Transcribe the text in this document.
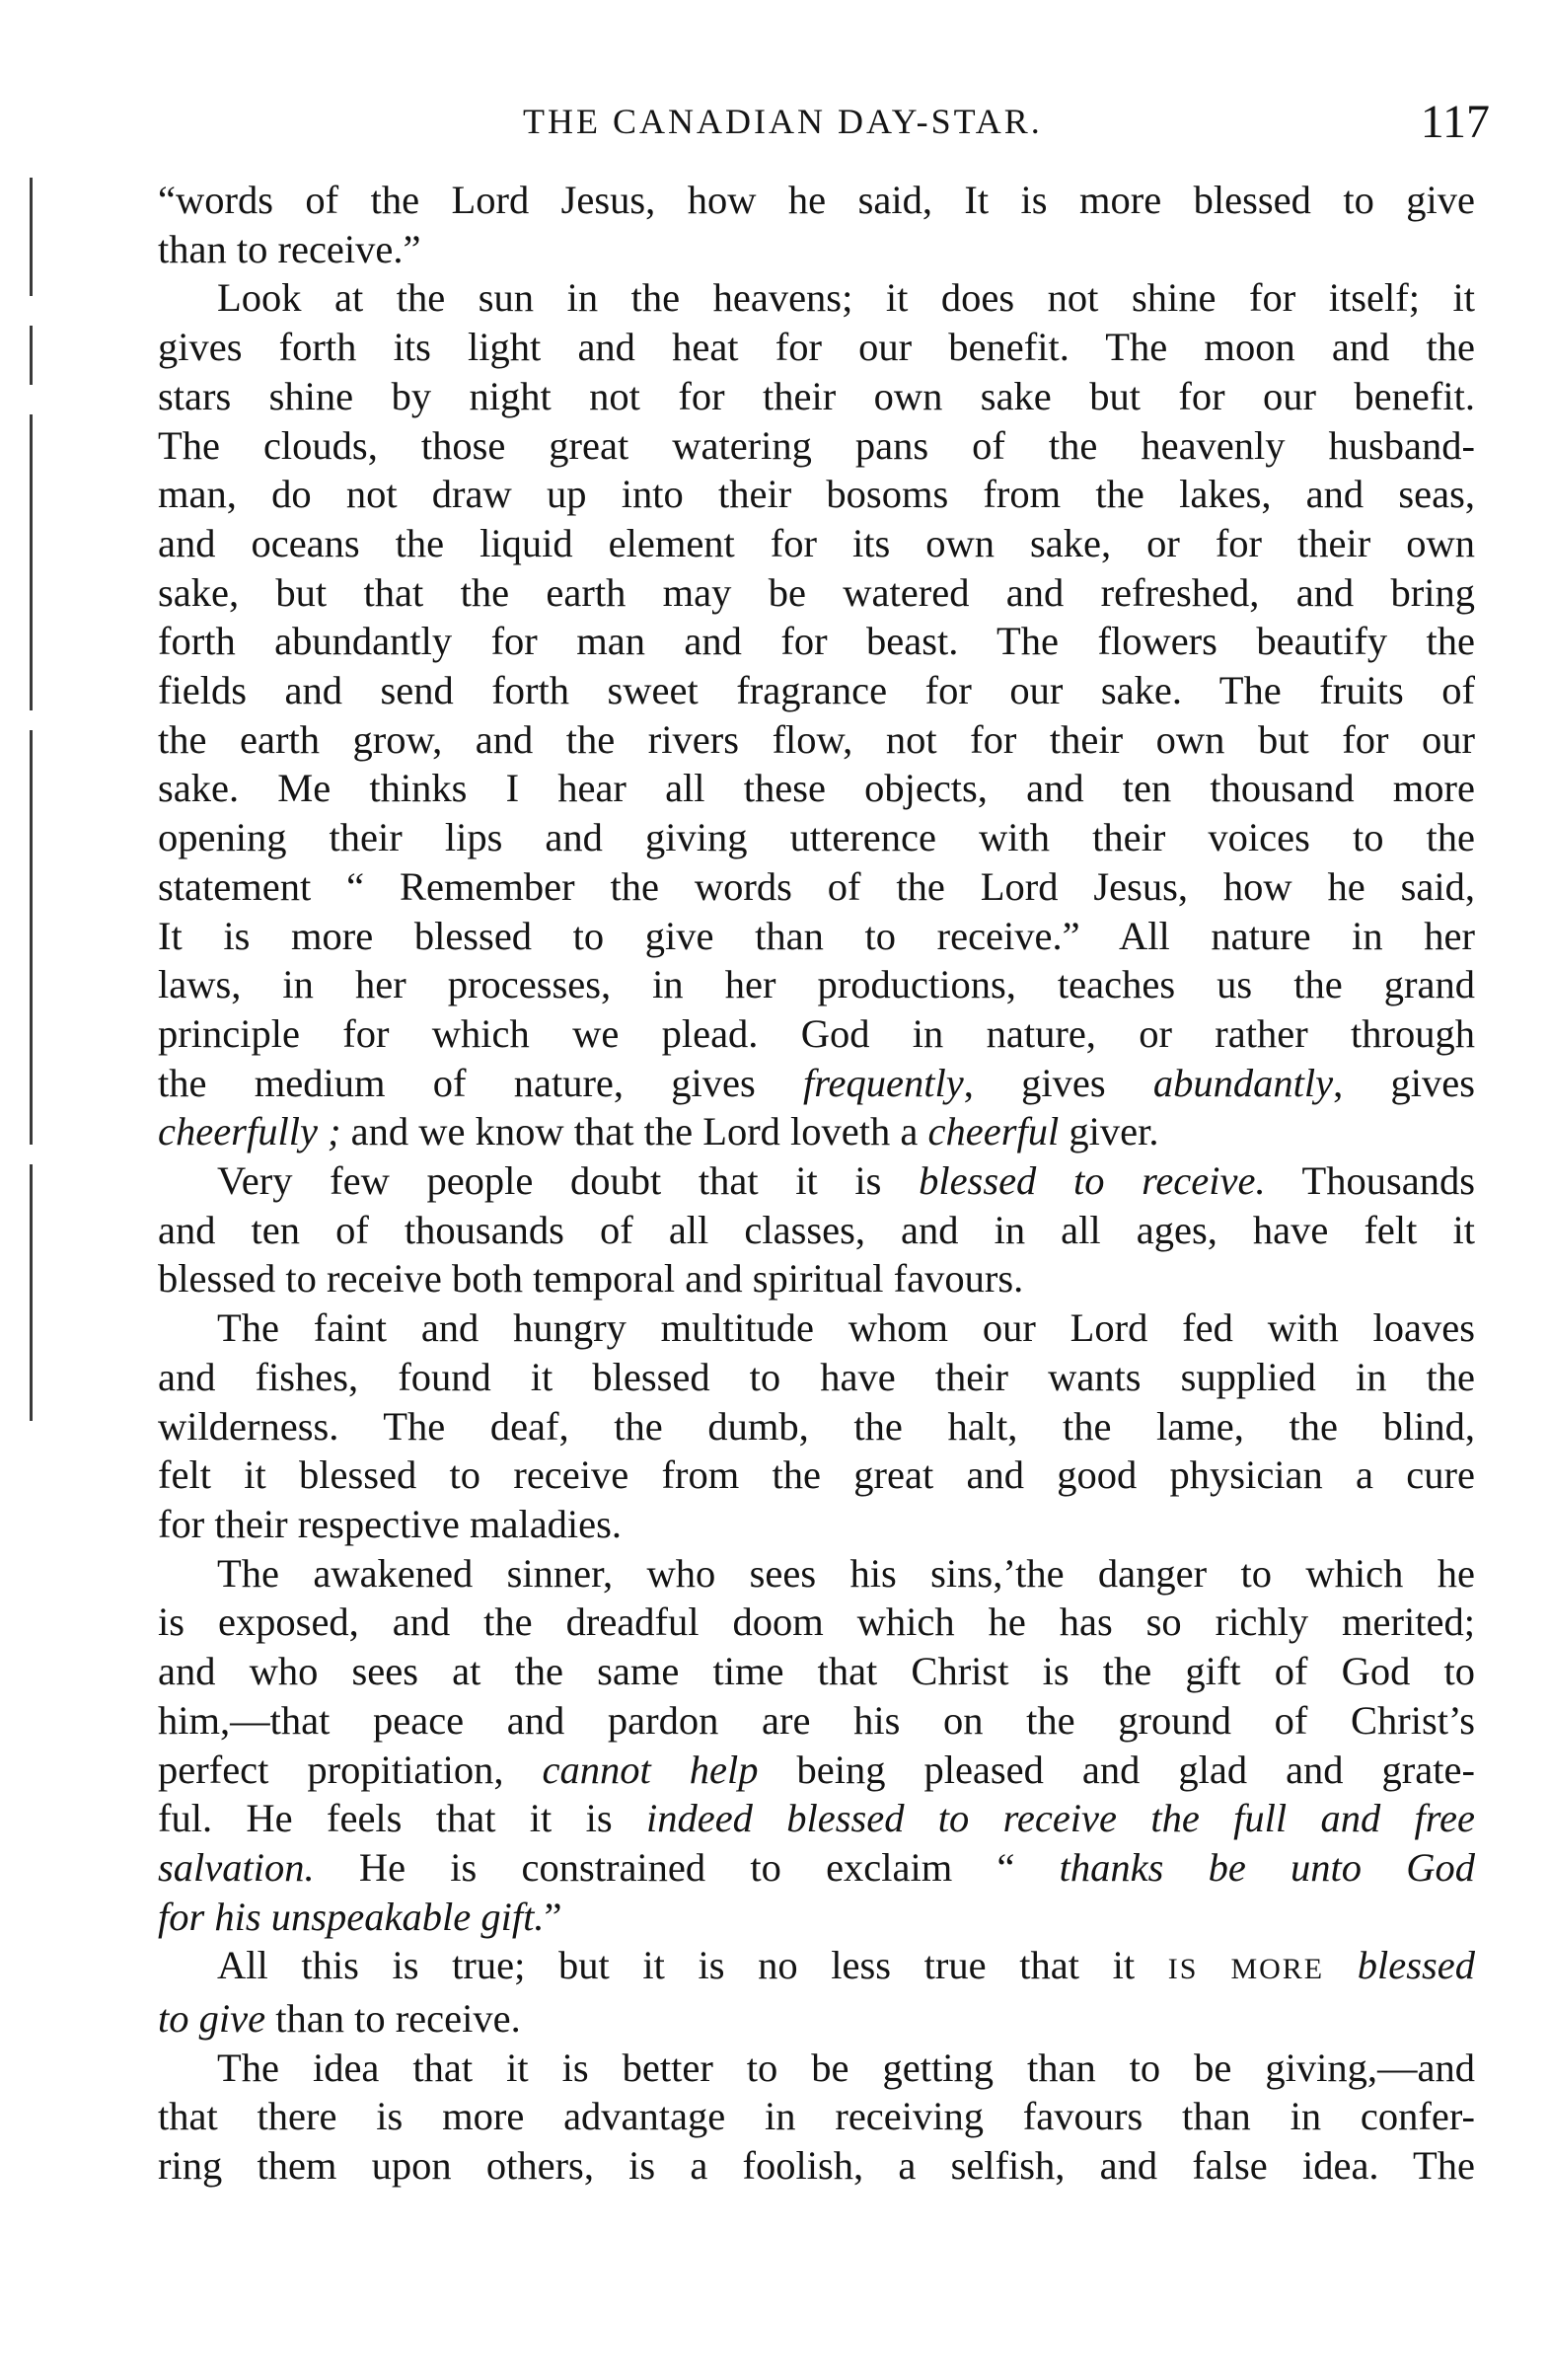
THE CANADIAN DAY-STAR.	117
“words of the Lord Jesus, how he said, It is more blessed to give
than to receive.”
Look at the sun in the heavens; it does not shine for itself; it
gives forth its light and heat for our benefit. The moon and the
stars shine by night not for their own sake but for our benefit.
The clouds, those great watering pans of the heavenly husband-
man, do not draw up into their bosoms from the lakes, and seas,
and oceans the liquid element for its own sake, or for their own
sake, but that the earth may be watered and refreshed, and bring
forth abundantly for man and for beast. The flowers beautify the
fields and send forth sweet fragrance for our sake. The fruits of
the earth grow, and the rivers flow, not for their own but for our
sake. Me thinks I hear all these objects, and ten thousand more
opening their lips and giving utterence with their voices to the
statement “ Remember the words of the Lord Jesus, how he said,
It is more blessed to give than to receive.” All nature in her
laws, in her processes, in her productions, teaches us the grand
principle for which we plead. God in nature, or rather through
the medium of nature, gives frequently, gives abundantly, gives
cheerfully ; and we know that the Lord loveth a cheerful giver.
Very few people doubt that it is blessed to receive. Thousands
and ten of thousands of all classes, and in all ages, have felt it
blessed to receive both temporal and spiritual favours.
The faint and hungry multitude whom our Lord fed with loaves
and fishes, found it blessed to have their wants supplied in the
wilderness. The deaf, the dumb, the halt, the lame, the blind,
felt it blessed to receive from the great and good physician a cure
for their respective maladies.
The awakened sinner, who sees his sins,’the danger to which he
is exposed, and the dreadful doom which he has so richly merited;
and who sees at the same time that Christ is the gift of God to
him,—that peace and pardon are his on the ground of Christ’s
perfect propitiation, cannot help being pleased and glad and grate-
ful. He feels that it is indeed blessed to receive the full and free
salvation. He is constrained to exclaim “ thanks be unto God
for his unspeakable gift.”
All this is true; but it is no less true that it IS MORE blessed
to give than to receive.
The idea that it is better to be getting than to be giving,—and
that there is more advantage in receiving favours than in confer-
ring them upon others, is a foolish, a selfish, and false idea. The
